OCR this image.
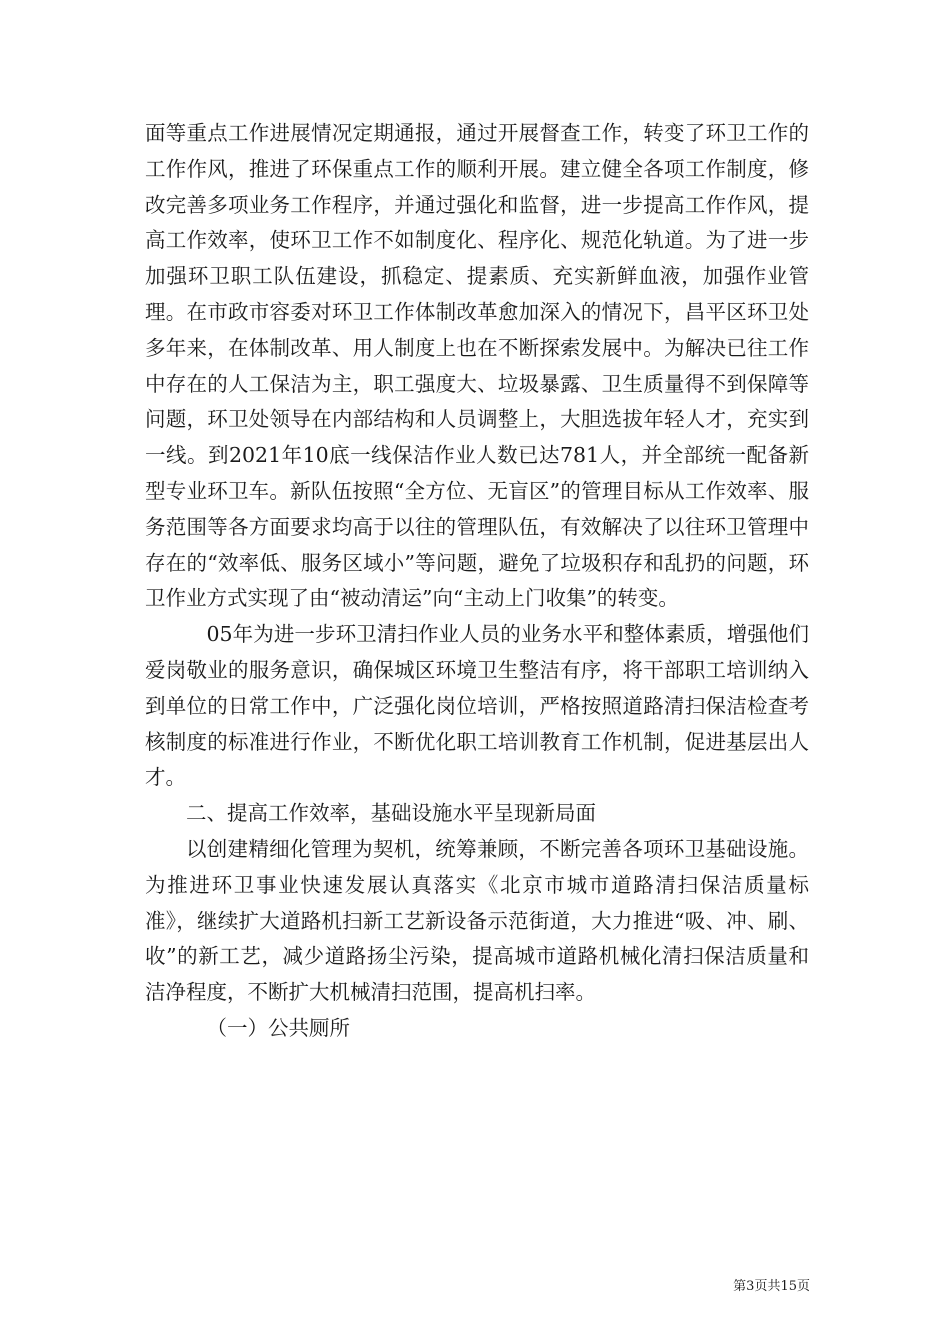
面等重点工作进展情况定期通报，通过开展督查工作，转变了环卫工作的工作作风，推进了环保重点工作的顺利开展。建立健全各项工作制度，修改完善多项业务工作程序，并通过强化和监督，进一步提高工作作风，提高工作效率，使环卫工作不如制度化、程序化、规范化轨道。为了进一步加强环卫职工队伍建设，抓稳定、提素质、充实新鲜血液，加强作业管理。在市政市容委对环卫工作体制改革愈加深入的情况下，昌平区环卫处多年来，在体制改革、用人制度上也在不断探索发展中。为解决已往工作中存在的人工保洁为主，职工强度大、垃圾暴露、卫生质量得不到保障等问题，环卫处领导在内部结构和人员调整上，大胆选拔年轻人才，充实到一线。到2021年10底一线保洁作业人数已达781人，并全部统一配备新型专业环卫车。新队伍按照“全方位、无盲区”的管理目标从工作效率、服务范围等各方面要求均高于以往的管理队伍，有效解决了以往环卫管理中存在的“效率低、服务区域小”等问题，避免了垃圾积存和乱扔的问题，环卫作业方式实现了由“被动清运”向“主动上门收集”的转变。

05年为进一步环卫清扫作业人员的业务水平和整体素质，增强他们爱岗敬业的服务意识，确保城区环境卫生整洁有序，将干部职工培训纳入到单位的日常工作中，广泛强化岗位培训，严格按照道路清扫保洁检查考核制度的标准进行作业，不断优化职工培训教育工作机制，促进基层出人才。

二、提高工作效率，基础设施水平呈现新局面

以创建精细化管理为契机，统筹兼顾，不断完善各项环卫基础设施。为推进环卫事业快速发展认真落实《北京市城市道路清扫保洁质量标准》，继续扩大道路机扫新工艺新设备示范街道，大力推进“吸、冲、刷、收”的新工艺，减少道路扬尘污染，提高城市道路机械化清扫保洁质量和洁净程度，不断扩大机械清扫范围，提高机扫率。

（一）公共厕所

第3页共15页
